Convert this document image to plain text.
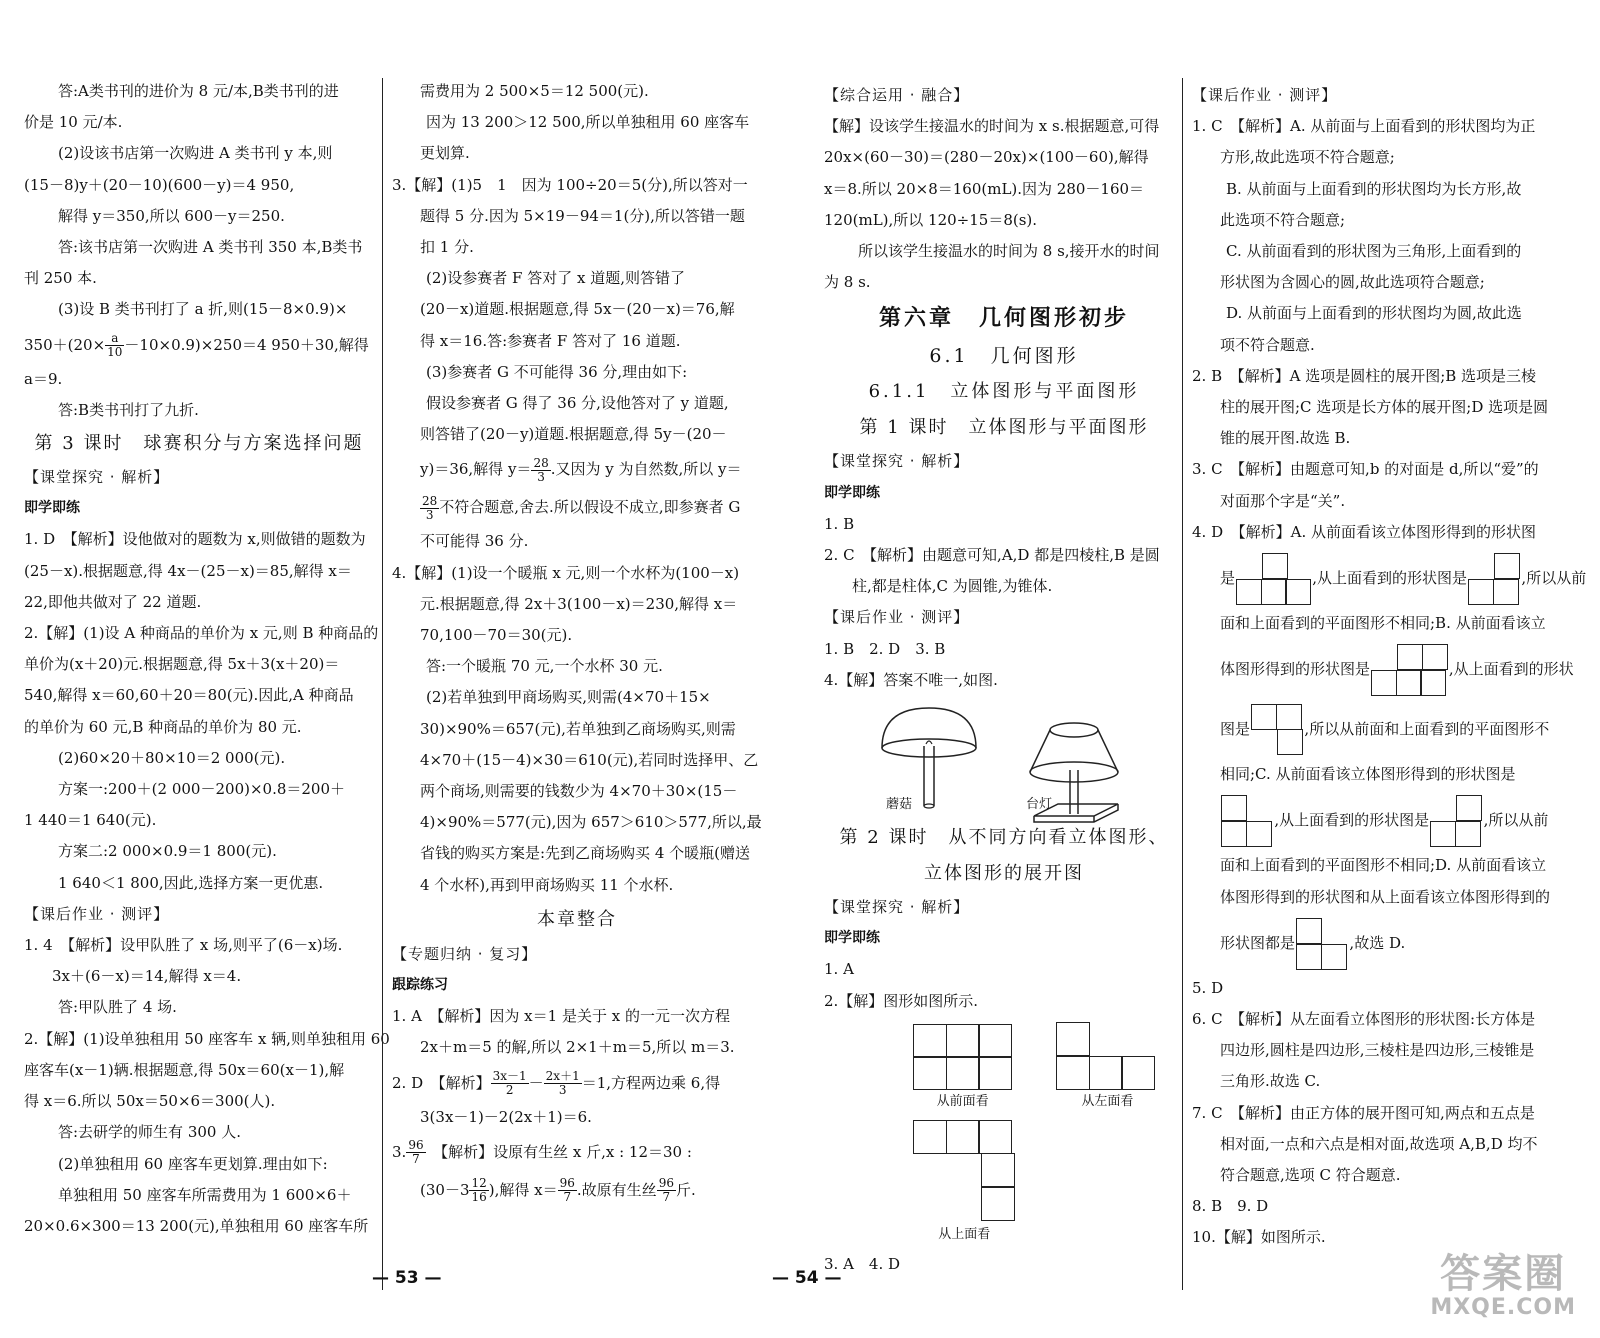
答:A类书刊的进价为 8 元/本,B类书刊的进
价是 10 元/本.
(2)设该书店第一次购进 A 类书刊 y 本,则
(15－8)y＋(20－10)(600－y)＝4 950,
解得 y＝350,所以 600－y＝250.
答:该书店第一次购进 A 类书刊 350 本,B类书
刊 250 本.
(3)设 B 类书刊打了 a 折,则(15－8×0.9)×
$350+(20\times \frac{a}{10} -10\times 0.9)\times 250=4$ 950＋30,解得
a＝9.
答:B类书刊打了九折.
第 3 课时　球赛积分与方案选择问题
【课堂探究 · 解析】
即学即练
1. D　【解析】设他做对的题数为 x,则做错的题数为
(25－x).根据题意,得 4x－(25－x)＝85,解得 x＝
22,即他共做对了 22 道题.
2.【解】(1)设 A 种商品的单价为 x 元,则 B 种商品的
单价为(x＋20)元.根据题意,得 5x＋3(x＋20)＝
540,解得 x＝60,60＋20＝80(元).因此,A 种商品
的单价为 60 元,B 种商品的单价为 80 元.
(2)60×20＋80×10＝2 000(元).
方案一:200＋(2 000－200)×0.8＝200＋
1 440＝1 640(元).
方案二:2 000×0.9＝1 800(元).
1 640＜1 800,因此,选择方案一更优惠.
【课后作业 · 测评】
1. 4　【解析】设甲队胜了 x 场,则平了(6－x)场.
3x＋(6－x)＝14,解得 x＝4.
答:甲队胜了 4 场.
2.【解】(1)设单独租用 50 座客车 x 辆,则单独租用 60
座客车(x－1)辆.根据题意,得 50x＝60(x－1),解
得 x＝6.所以 50x＝50×6＝300(人).
答:去研学的师生有 300 人.
(2)单独租用 60 座客车更划算.理由如下:
单独租用 50 座客车所需费用为 1 600×6＋
20×0.6×300＝13 200(元),单独租用 60 座客车所
需费用为 2 500×5＝12 500(元).
因为 13 200＞12 500,所以单独租用 60 座客车
更划算.
3.【解】(1)5　1　因为 100÷20＝5(分),所以答对一
题得 5 分.因为 5×19－94＝1(分),所以答错一题
扣 1 分.
(2)设参赛者 F 答对了 x 道题,则答错了
(20－x)道题.根据题意,得 5x－(20－x)＝76,解
得 x＝16.答:参赛者 F 答对了 16 道题.
(3)参赛者 G 不可能得 36 分,理由如下:
假设参赛者 G 得了 36 分,设他答对了 y 道题,
则答错了(20－y)道题.根据题意,得 5y－(20－
y)＝36,解得 $y= \frac{28}{3}$ .又因为 y 为自然数,所以 y＝
$\frac{28}{3}$ 不符合题意,舍去.所以假设不成立,即参赛者 G
不可能得 36 分.
4.【解】(1)设一个暖瓶 x 元,则一个水杯为(100－x)
元.根据题意,得 2x＋3(100－x)＝230,解得 x＝
70,100－70＝30(元).
答:一个暖瓶 70 元,一个水杯 30 元.
(2)若单独到甲商场购买,则需(4×70＋15×
30)×90%＝657(元),若单独到乙商场购买,则需
4×70＋(15－4)×30＝610(元),若同时选择甲、乙
两个商场,则需要的钱数少为 4×70＋30×(15－
4)×90%＝577(元),因为 657＞610＞577,所以,最
省钱的购买方案是:先到乙商场购买 4 个暖瓶(赠送
4 个水杯),再到甲商场购买 11 个水杯.
本章整合
【专题归纳 · 复习】
跟踪练习
1. A　【解析】因为 x＝1 是关于 x 的一元一次方程
2x＋m＝5 的解,所以 2×1＋m＝5,所以 m＝3.
2. D　【解析】 $\frac{3x-1}{2} - \frac{2x+1}{3} =1$,方程两边乘 6,得
3(3x－1)－2(2x＋1)＝6.
3. $\frac{96}{7}$ 　【解析】设原有生丝 x 斤,x : 12＝30 :
($30-3 \frac{12}{16}$ ),解得 $x= \frac{96}{7}$ .故原有生丝 $\frac{96}{7}$ 斤.
— 53 —
【综合运用 · 融合】
【解】设该学生接温水的时间为 x s.根据题意,可得
20x×(60－30)＝(280－20x)×(100－60),解得
x＝8.所以 20×8＝160(mL).因为 280－160＝
120(mL),所以 120÷15＝8(s).
所以该学生接温水的时间为 8 s,接开水的时间
为 8 s.
第六章　几何图形初步
6.1　几何图形
6.1.1　立体图形与平面图形
第 1 课时　立体图形与平面图形
【课堂探究 · 解析】
即学即练
1. B
2. C　【解析】由题意可知,A,D 都是四棱柱,B 是圆
柱,都是柱体,C 为圆锥,为锥体.
【课后作业 · 测评】
1. B　2. D　3. B
4.【解】答案不唯一,如图.
蘑菇	台灯
第 2 课时　从不同方向看立体图形、
立体图形的展开图
【课堂探究 · 解析】
即学即练
1. A
2.【解】图形如图所示.
从前面看	从左面看
从上面看
3. A　4. D
【课后作业 · 测评】
1. C　【解析】A. 从前面与上面看到的形状图均为正
方形,故此选项不符合题意;
B. 从前面与上面看到的形状图均为长方形,故
此选项不符合题意;
C. 从前面看到的形状图为三角形,上面看到的
形状图为含圆心的圆,故此选项符合题意;
D. 从前面与上面看到的形状图均为圆,故此选
项不符合题意.
2. B　【解析】A 选项是圆柱的展开图;B 选项是三棱
柱的展开图;C 选项是长方体的展开图;D 选项是圆
锥的展开图.故选 B.
3. C　【解析】由题意可知,b 的对面是 d,所以“爱”的
对面那个字是“关”.
4. D　【解析】A. 从前面看该立体图形得到的形状图
是	,从上面看到的形状图是	,所以从前
面和上面看到的平面图形不相同;B. 从前面看该立
体图形得到的形状图是	,从上面看到的形状
图是	,所以从前面和上面看到的平面图形不
相同;C. 从前面看该立体图形得到的形状图是
,从上面看到的形状图是	,所以从前
面和上面看到的平面图形不相同;D. 从前面看该立
体图形得到的形状图和从上面看该立体图形得到的
形状图都是	,故选 D.
5. D
6. C　【解析】从左面看立体图形的形状图:长方体是
四边形,圆柱是四边形,三棱柱是四边形,三棱锥是
三角形.故选 C.
7. C　【解析】由正方体的展开图可知,两点和五点是
相对面,一点和六点是相对面,故选项 A,B,D 均不
符合题意,选项 C 符合题意.
8. B　9. D
10.【解】如图所示.
— 54 —	答案圈
MXQE.COM
